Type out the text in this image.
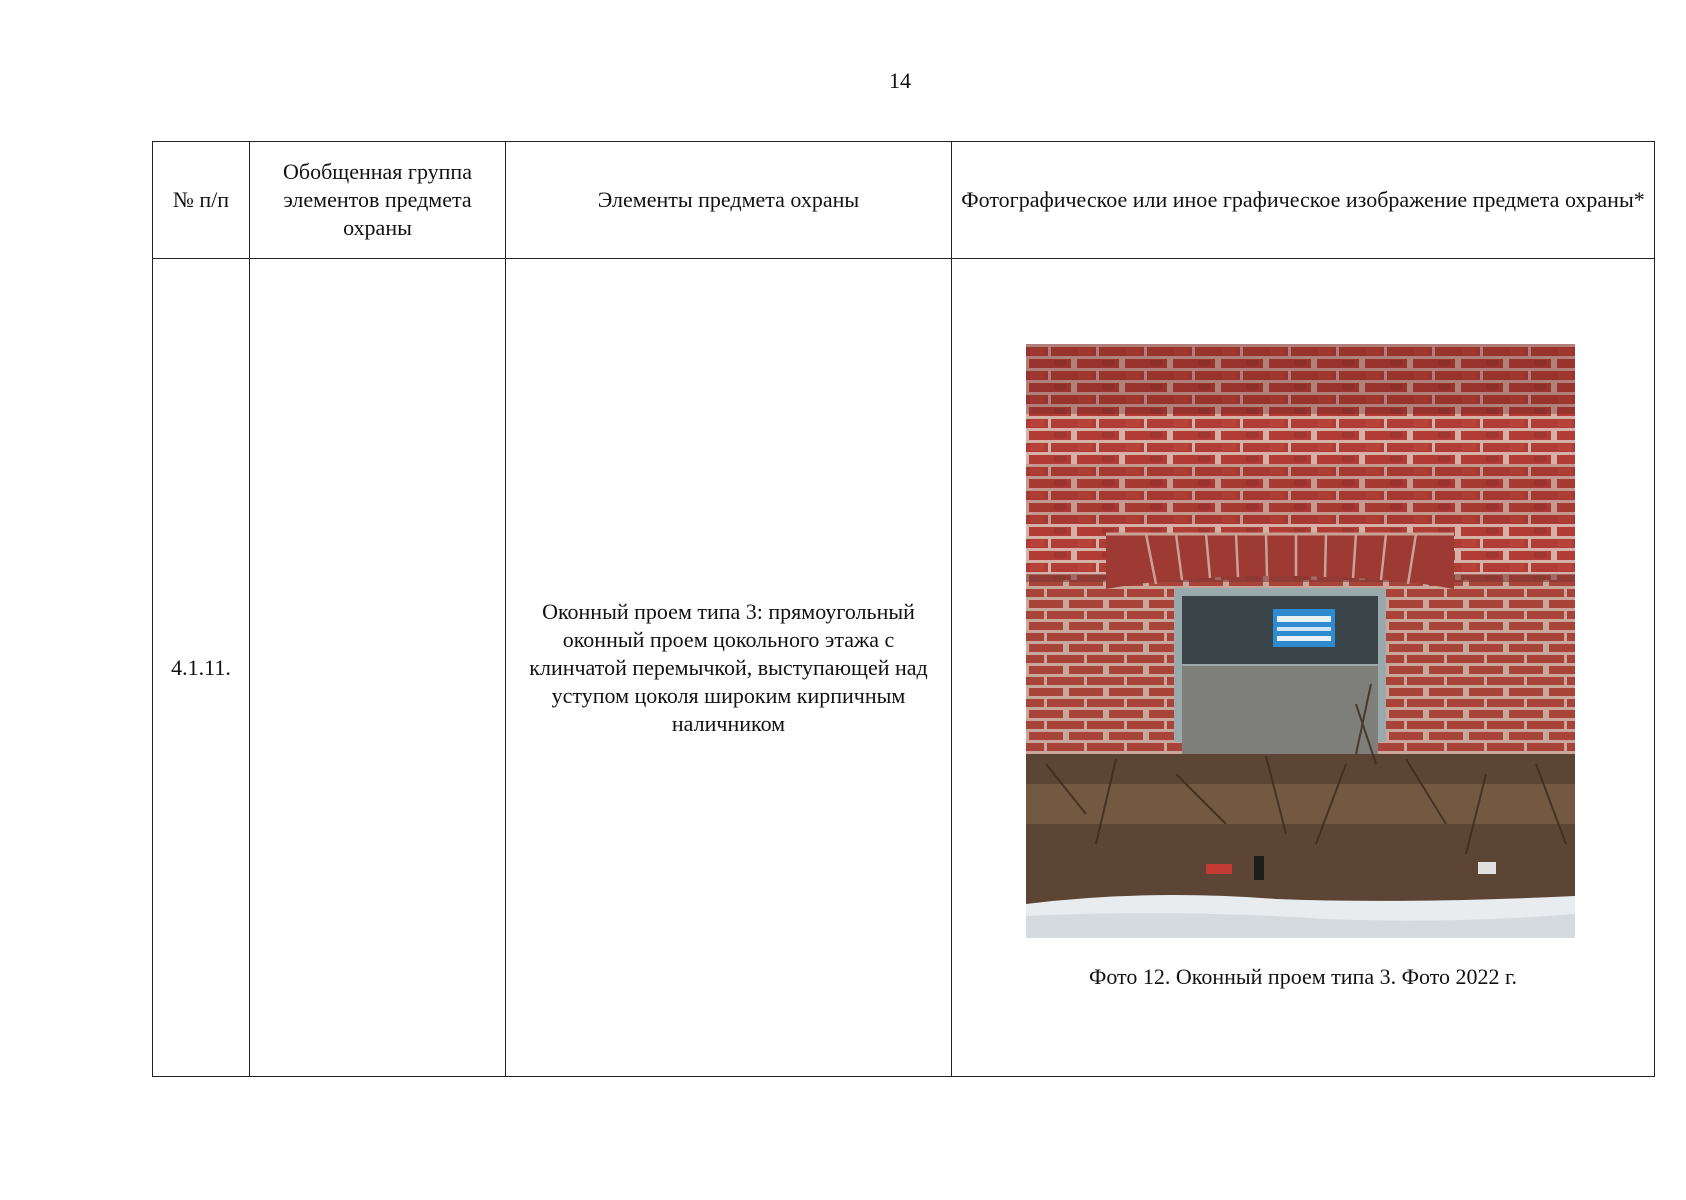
14
№ п/п	Обобщенная группа элементов предмета охраны	Элементы предмета охраны	Фотографическое или иное графическое изображение предмета охраны*
4.1.11.		Оконный проем типа 3: прямоугольный оконный проем цокольного этажа с клинчатой перемычкой, выступающей над уступом цоколя широким кирпичным наличником	Фото 12. Оконный проем типа 3. Фото 2022 г.
